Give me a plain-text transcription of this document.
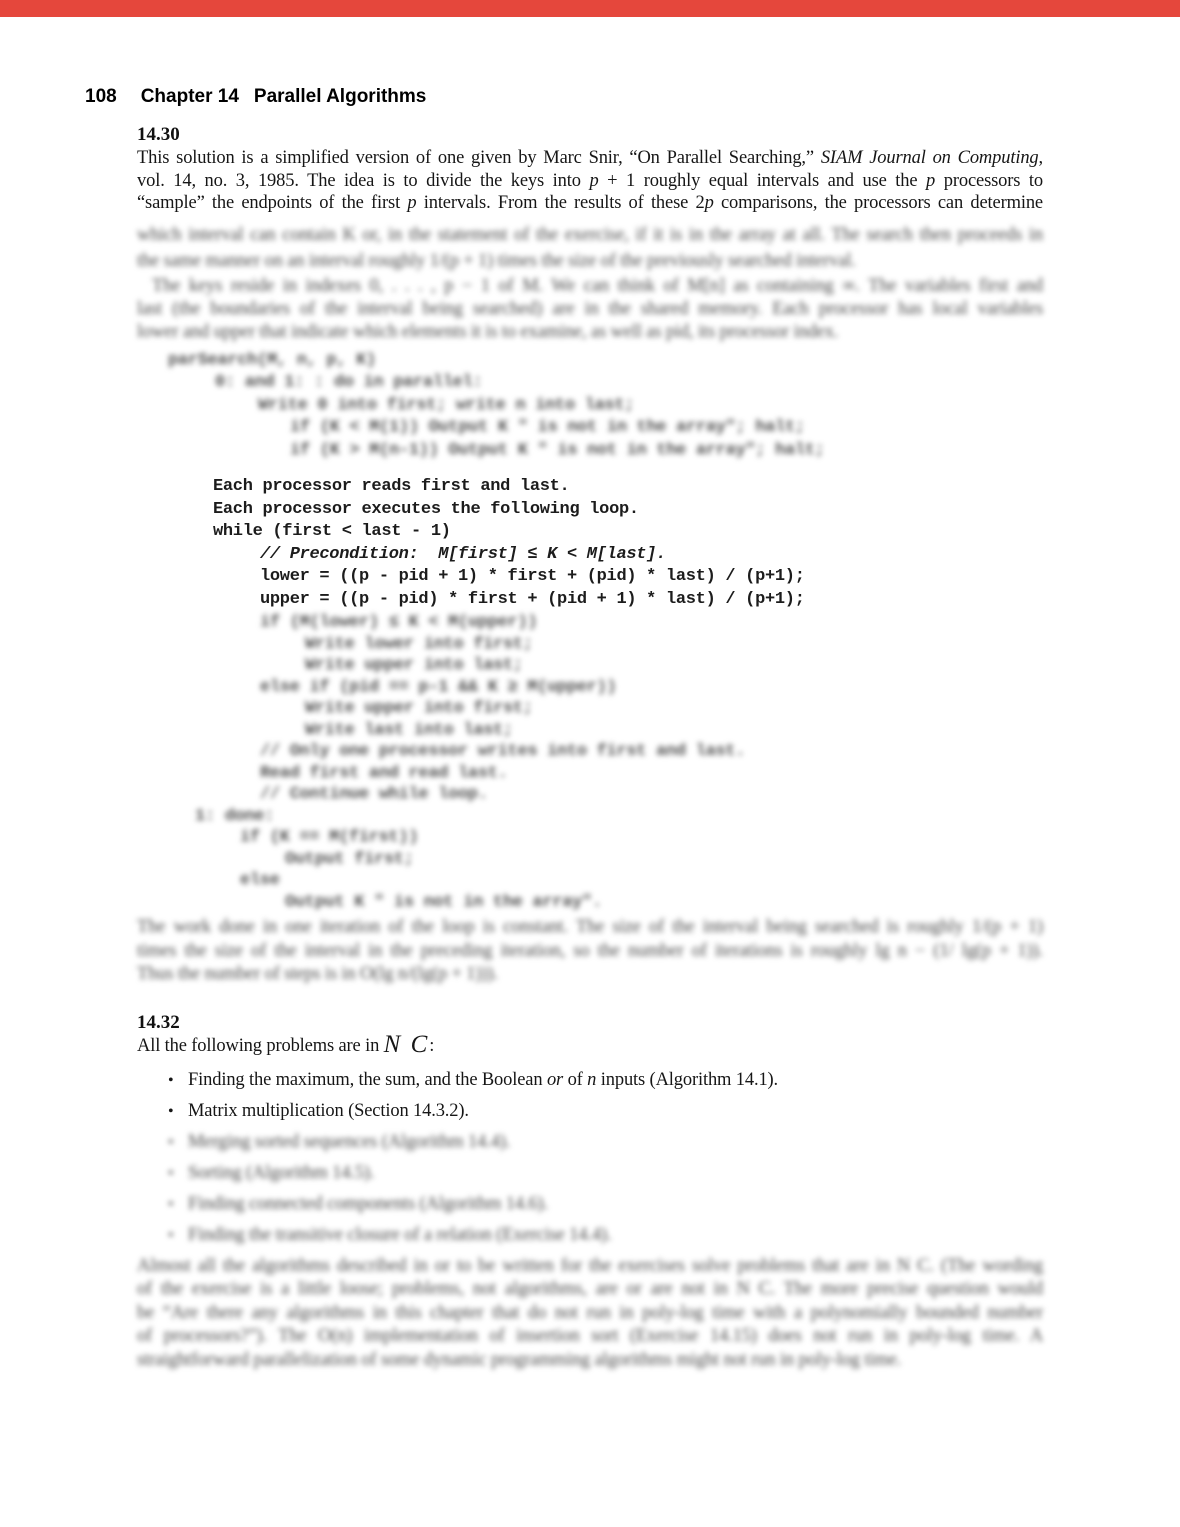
108 Chapter 14 Parallel Algorithms
14.30
This solution is a simplified version of one given by Marc Snir, “On Parallel Searching,” SIAM Journal on Computing,
vol. 14, no. 3, 1985. The idea is to divide the keys into p + 1 roughly equal intervals and use the p processors to
“sample” the endpoints of the first p intervals. From the results of these 2p comparisons, the processors can determine
which interval can contain K or, in the statement of the exercise, if it is in the array at all. The search then proceeds in
the same manner on an interval roughly 1/(p + 1) times the size of the previously searched interval.
The keys reside in indexes 0, . . . , p − 1 of M. We can think of M[n] as containing ∞. The variables first and
last (the boundaries of the interval being searched) are in the shared memory. Each processor has local variables
lower and upper that indicate which elements it is to examine, as well as pid, its processor index.
parSearch(M, n, p, K)
0: and 1: : do in parallel:
Write 0 into first; write n into last;
if (K < M(1)) Output K " is not in the array"; halt;
if (K > M(n-1)) Output K " is not in the array"; halt;
Each processor reads first and last.
Each processor executes the following loop.
while (first < last - 1)
// Precondition:  M[first] ≤ K < M[last].
lower = ((p - pid + 1) * first + (pid) * last) / (p+1);
upper = ((p - pid) * first + (pid + 1) * last) / (p+1);
if (M(lower) ≤ K < M(upper))
Write lower into first;
Write upper into last;
else if (pid == p-1 && K ≥ M(upper))
Write upper into first;
Write last into last;
// Only one processor writes into first and last.
Read first and read last.
// Continue while loop.
1: done:
if (K == M(first))
Output first;
else
Output K " is not in the array".
The work done in one iteration of the loop is constant. The size of the interval being searched is roughly 1/(p + 1)
times the size of the interval in the preceding iteration, so the number of iterations is roughly lg n − (1/ lg(p + 1)).
Thus the number of steps is in O(lg n/(lg(p + 1))).
14.32
All the following problems are in N C:
• Finding the maximum, the sum, and the Boolean or of n inputs (Algorithm 14.1).
• Matrix multiplication (Section 14.3.2).
• Merging sorted sequences (Algorithm 14.4).
• Sorting (Algorithm 14.5).
• Finding connected components (Algorithm 14.6).
• Finding the transitive closure of a relation (Exercise 14.4).
Almost all the algorithms described in or to be written for the exercises solve problems that are in N C. (The wording
of the exercise is a little loose; problems, not algorithms, are or are not in N C. The more precise question would
be “Are there any algorithms in this chapter that do not run in poly-log time with a polynomially bounded number
of processors?”). The O(n) implementation of insertion sort (Exercise 14.15) does not run in poly-log time. A
straightforward parallelization of some dynamic programming algorithms might not run in poly-log time.
